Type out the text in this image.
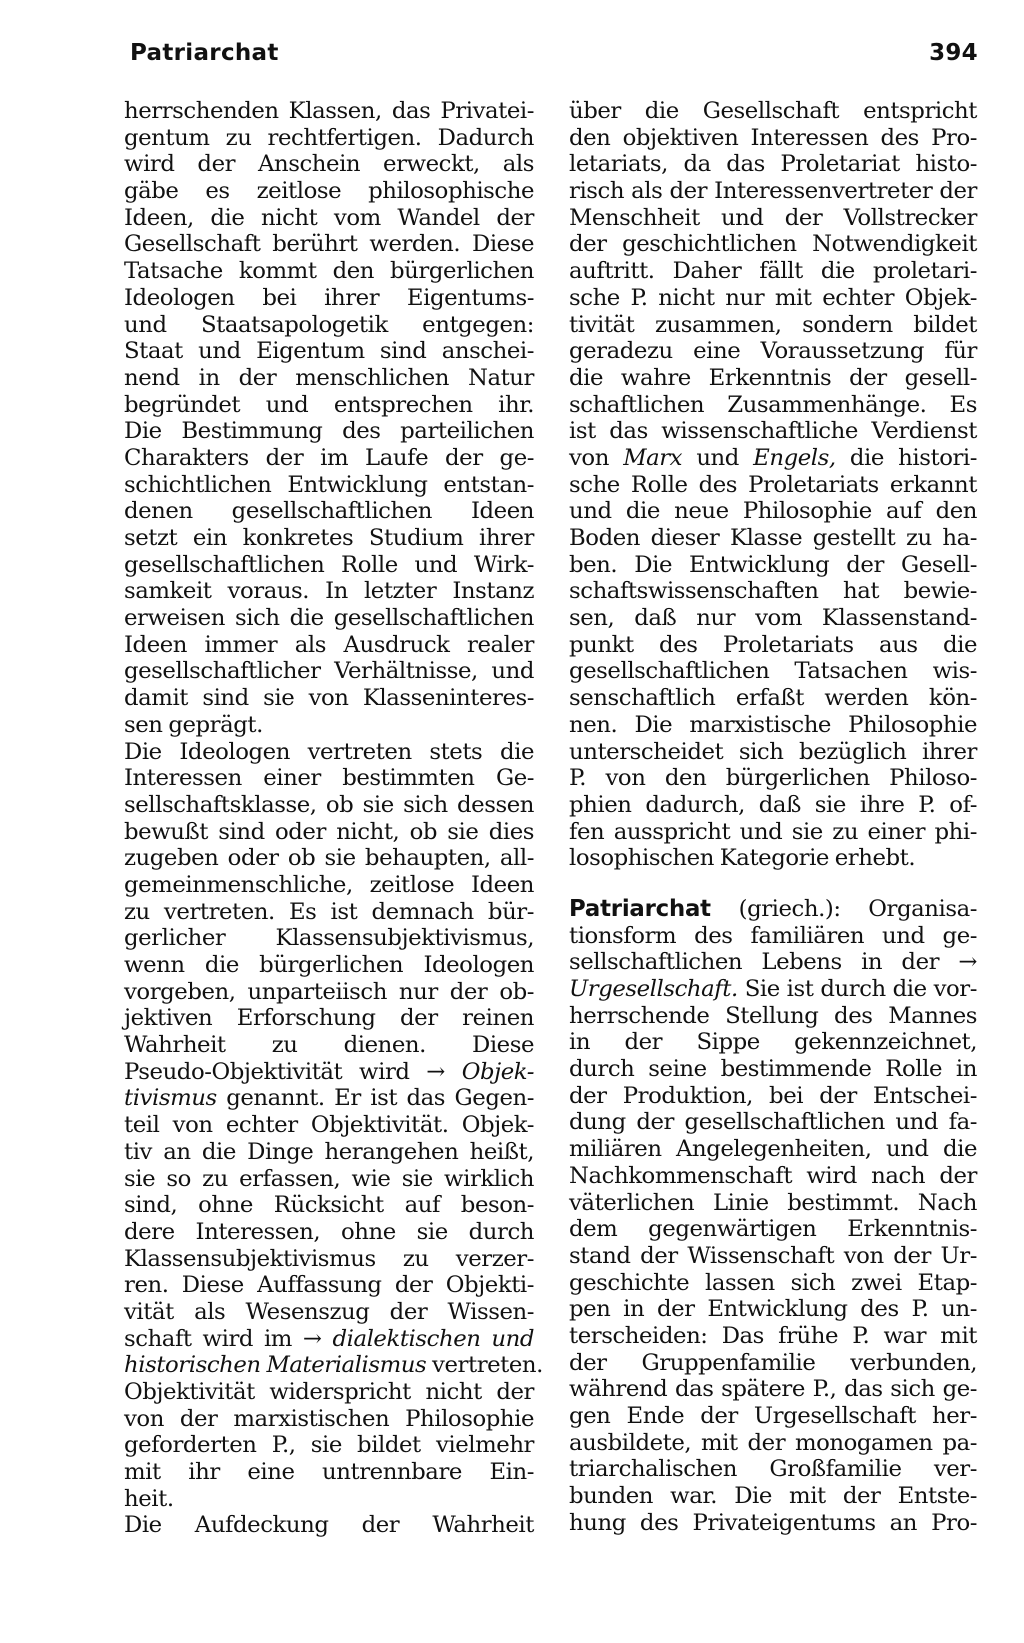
Patriarchat	394
herrschenden Klassen, das Privatei-
gentum zu rechtfertigen. Dadurch
wird der Anschein erweckt, als
gäbe es zeitlose philosophische
Ideen, die nicht vom Wandel der
Gesellschaft berührt werden. Diese
Tatsache kommt den bürgerlichen
Ideologen bei ihrer Eigentums-
und Staatsapologetik entgegen:
Staat und Eigentum sind anschei-
nend in der menschlichen Natur
begründet und entsprechen ihr.
Die Bestimmung des parteilichen
Charakters der im Laufe der ge-
schichtlichen Entwicklung entstan-
denen gesellschaftlichen Ideen
setzt ein konkretes Studium ihrer
gesellschaftlichen Rolle und Wirk-
samkeit voraus. In letzter Instanz
erweisen sich die gesellschaftlichen
Ideen immer als Ausdruck realer
gesellschaftlicher Verhältnisse, und
damit sind sie von Klasseninteres-
sen geprägt.
Die Ideologen vertreten stets die
Interessen einer bestimmten Ge-
sellschaftsklasse, ob sie sich dessen
bewußt sind oder nicht, ob sie dies
zugeben oder ob sie behaupten, all-
gemeinmenschliche, zeitlose Ideen
zu vertreten. Es ist demnach bür-
gerlicher Klassensubjektivismus,
wenn die bürgerlichen Ideologen
vorgeben, unparteiisch nur der ob-
jektiven Erforschung der reinen
Wahrheit zu dienen. Diese
Pseudo-Objektivität wird → Objek-
tivismus genannt. Er ist das Gegen-
teil von echter Objektivität. Objek-
tiv an die Dinge herangehen heißt,
sie so zu erfassen, wie sie wirklich
sind, ohne Rücksicht auf beson-
dere Interessen, ohne sie durch
Klassensubjektivismus zu verzer-
ren. Diese Auffassung der Objekti-
vität als Wesenszug der Wissen-
schaft wird im → dialektischen und
historischen Materialismus vertreten.
Objektivität widerspricht nicht der
von der marxistischen Philosophie
geforderten P., sie bildet vielmehr
mit ihr eine untrennbare Ein-
heit.
Die Aufdeckung der Wahrheit
über die Gesellschaft entspricht
den objektiven Interessen des Pro-
letariats, da das Proletariat histo-
risch als der Interessenvertreter der
Menschheit und der Vollstrecker
der geschichtlichen Notwendigkeit
auftritt. Daher fällt die proletari-
sche P. nicht nur mit echter Objek-
tivität zusammen, sondern bildet
geradezu eine Voraussetzung für
die wahre Erkenntnis der gesell-
schaftlichen Zusammenhänge. Es
ist das wissenschaftliche Verdienst
von Marx und Engels, die histori-
sche Rolle des Proletariats erkannt
und die neue Philosophie auf den
Boden dieser Klasse gestellt zu ha-
ben. Die Entwicklung der Gesell-
schaftswissenschaften hat bewie-
sen, daß nur vom Klassenstand-
punkt des Proletariats aus die
gesellschaftlichen Tatsachen wis-
senschaftlich erfaßt werden kön-
nen. Die marxistische Philosophie
unterscheidet sich bezüglich ihrer
P. von den bürgerlichen Philoso-
phien dadurch, daß sie ihre P. of-
fen ausspricht und sie zu einer phi-
losophischen Kategorie erhebt.
Patriarchat (griech.): Organisa-
tionsform des familiären und ge-
sellschaftlichen Lebens in der →
Urgesellschaft. Sie ist durch die vor-
herrschende Stellung des Mannes
in der Sippe gekennzeichnet,
durch seine bestimmende Rolle in
der Produktion, bei der Entschei-
dung der gesellschaftlichen und fa-
miliären Angelegenheiten, und die
Nachkommenschaft wird nach der
väterlichen Linie bestimmt. Nach
dem gegenwärtigen Erkenntnis-
stand der Wissenschaft von der Ur-
geschichte lassen sich zwei Etap-
pen in der Entwicklung des P. un-
terscheiden: Das frühe P. war mit
der Gruppenfamilie verbunden,
während das spätere P., das sich ge-
gen Ende der Urgesellschaft her-
ausbildete, mit der monogamen pa-
triarchalischen Großfamilie ver-
bunden war. Die mit der Entste-
hung des Privateigentums an Pro-
